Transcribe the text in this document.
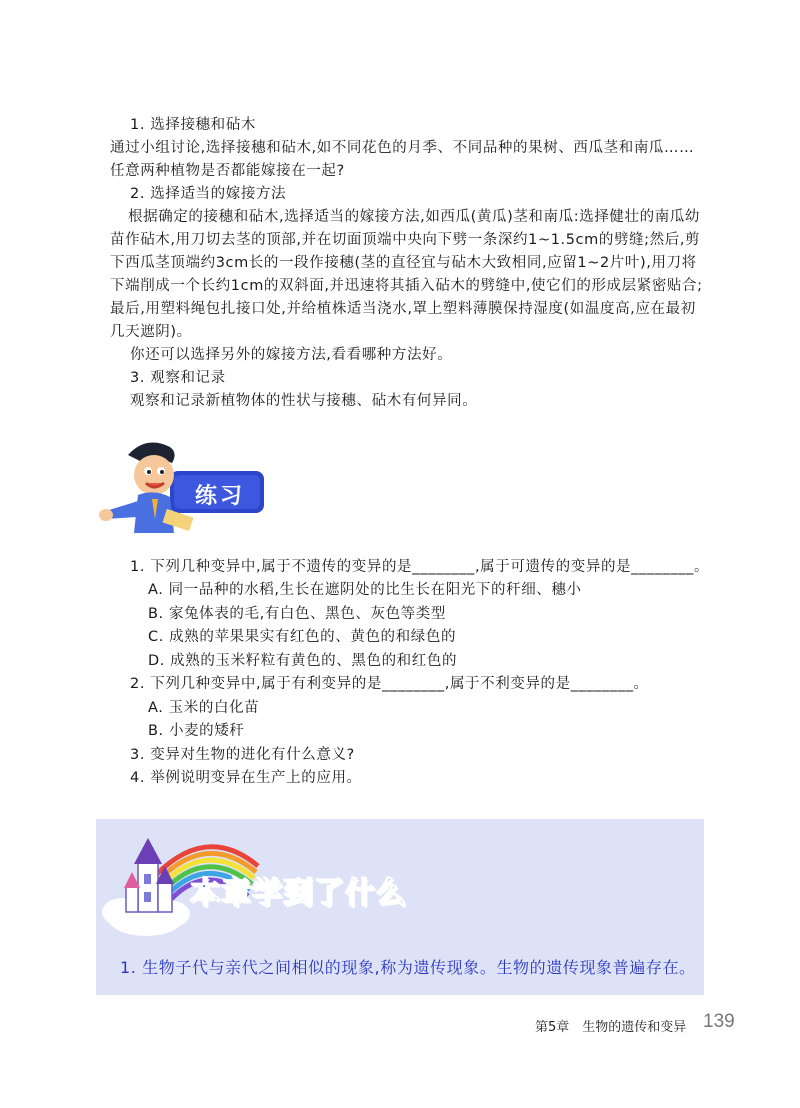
1. 选择接穗和砧木
通过小组讨论,选择接穗和砧木,如不同花色的月季、不同品种的果树、西瓜茎和南瓜……任意两种植物是否都能嫁接在一起?
2. 选择适当的嫁接方法
根据确定的接穗和砧木,选择适当的嫁接方法,如西瓜(黄瓜)茎和南瓜:选择健壮的南瓜幼苗作砧木,用刀切去茎的顶部,并在切面顶端中央向下劈一条深约1~1.5cm的劈缝;然后,剪下西瓜茎顶端约3cm长的一段作接穗(茎的直径宜与砧木大致相同,应留1~2片叶),用刀将下端削成一个长约1cm的双斜面,并迅速将其插入砧木的劈缝中,使它们的形成层紧密贴合;最后,用塑料绳包扎接口处,并给植株适当浇水,罩上塑料薄膜保持湿度(如温度高,应在最初几天遮阴)。
你还可以选择另外的嫁接方法,看看哪种方法好。
3. 观察和记录
观察和记录新植物体的性状与接穗、砧木有何异同。
练习
1. 下列几种变异中,属于不遗传的变异的是________,属于可遗传的变异的是________。
A. 同一品种的水稻,生长在遮阴处的比生长在阳光下的秆细、穗小
B. 家兔体表的毛,有白色、黑色、灰色等类型
C. 成熟的苹果果实有红色的、黄色的和绿色的
D. 成熟的玉米籽粒有黄色的、黑色的和红色的
2. 下列几种变异中,属于有利变异的是________,属于不利变异的是________。
A. 玉米的白化苗
B. 小麦的矮秆
3. 变异对生物的进化有什么意义?
4. 举例说明变异在生产上的应用。
本章学到了什么
1. 生物子代与亲代之间相似的现象,称为遗传现象。生物的遗传现象普遍存在。
第5章　生物的遗传和变异 139
